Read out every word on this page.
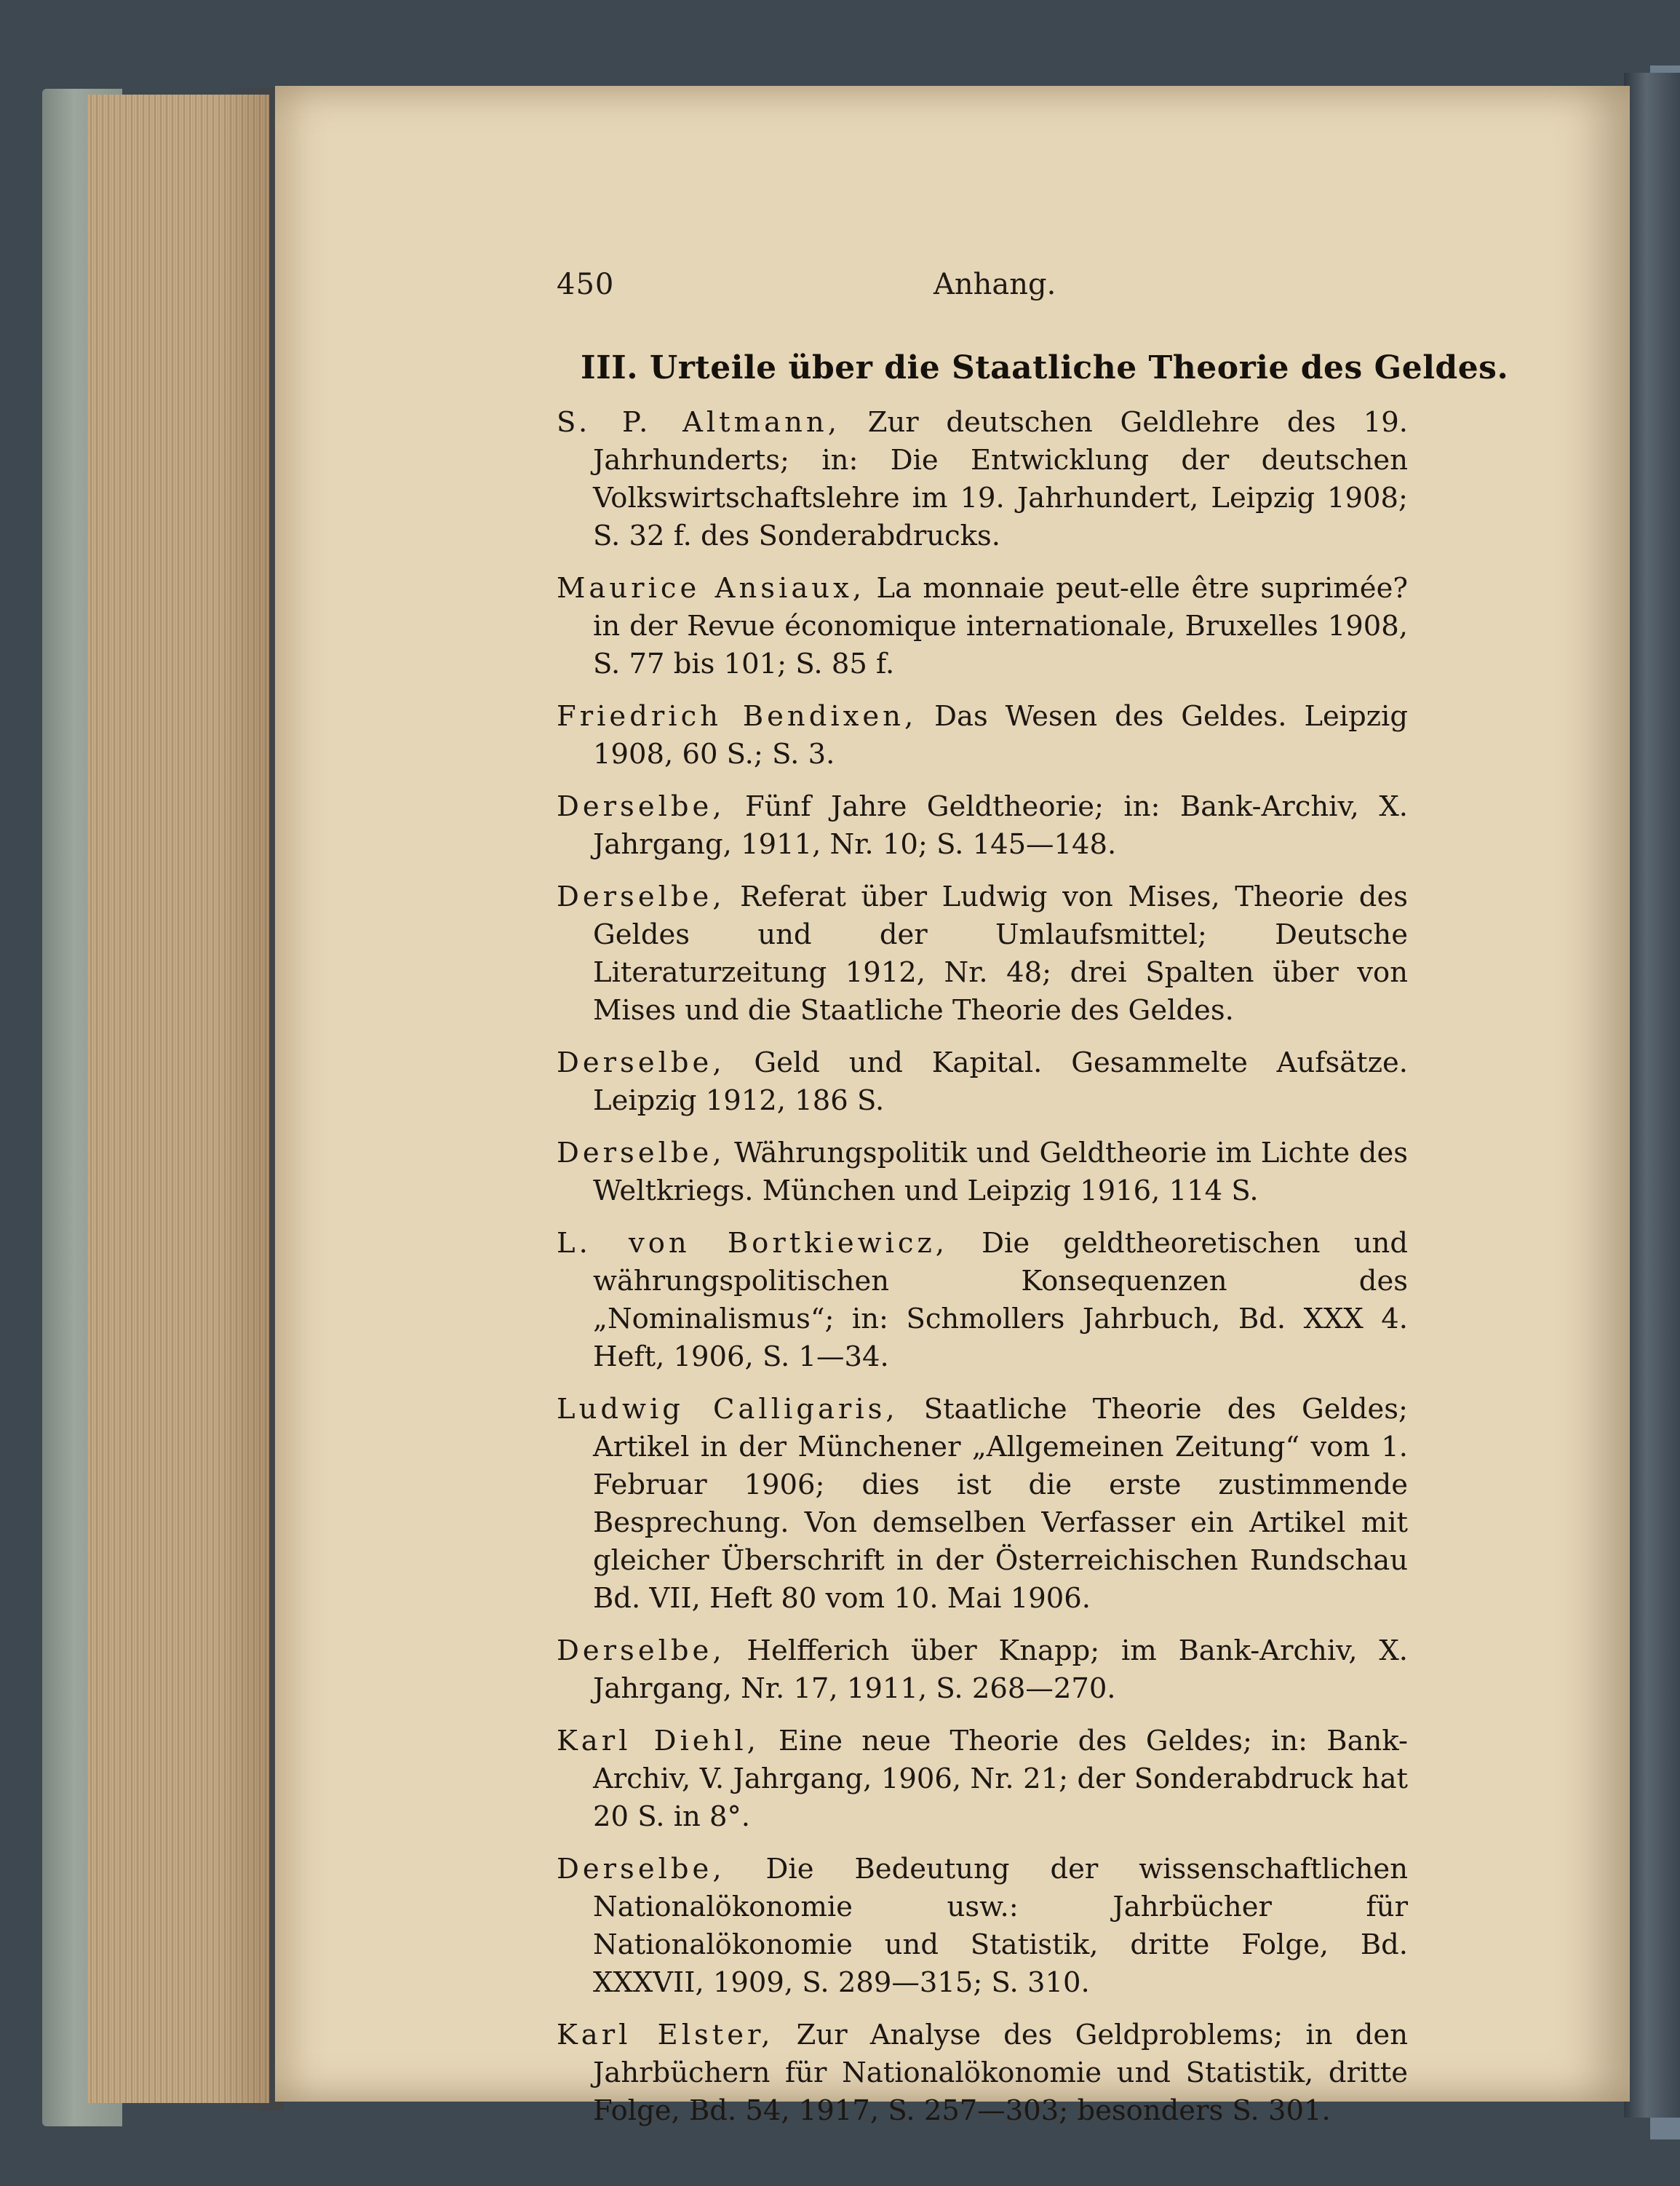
450	Anhang.
III. Urteile über die Staatliche Theorie des Geldes.

S. P. Altmann, Zur deutschen Geldlehre des 19. Jahrhunderts; in: Die Entwicklung der deutschen Volkswirtschaftslehre im 19. Jahrhundert, Leipzig 1908; S. 32 f. des Sonderabdrucks.

Maurice Ansiaux, La monnaie peut-elle être suprimée? in der Revue économique internationale, Bruxelles 1908, S. 77 bis 101; S. 85 f.

Friedrich Bendixen, Das Wesen des Geldes. Leipzig 1908, 60 S.; S. 3.

Derselbe, Fünf Jahre Geldtheorie; in: Bank-Archiv, X. Jahrgang, 1911, Nr. 10; S. 145—148.

Derselbe, Referat über Ludwig von Mises, Theorie des Geldes und der Umlaufsmittel; Deutsche Literaturzeitung 1912, Nr. 48; drei Spalten über von Mises und die Staatliche Theorie des Geldes.

Derselbe, Geld und Kapital. Gesammelte Aufsätze. Leipzig 1912, 186 S.

Derselbe, Währungspolitik und Geldtheorie im Lichte des Weltkriegs. München und Leipzig 1916, 114 S.

L. von Bortkiewicz, Die geldtheoretischen und währungspolitischen Konsequenzen des „Nominalismus“; in: Schmollers Jahrbuch, Bd. XXX 4. Heft, 1906, S. 1—34.

Ludwig Calligaris, Staatliche Theorie des Geldes; Artikel in der Münchener „Allgemeinen Zeitung“ vom 1. Februar 1906; dies ist die erste zustimmende Besprechung. Von demselben Verfasser ein Artikel mit gleicher Überschrift in der Österreichischen Rundschau Bd. VII, Heft 80 vom 10. Mai 1906.

Derselbe, Helfferich über Knapp; im Bank-Archiv, X. Jahrgang, Nr. 17, 1911, S. 268—270.

Karl Diehl, Eine neue Theorie des Geldes; in: Bank-Archiv, V. Jahrgang, 1906, Nr. 21; der Sonderabdruck hat 20 S. in 8°.

Derselbe, Die Bedeutung der wissenschaftlichen Nationalökonomie usw.: Jahrbücher für Nationalökonomie und Statistik, dritte Folge, Bd. XXXVII, 1909, S. 289—315; S. 310.

Karl Elster, Zur Analyse des Geldproblems; in den Jahrbüchern für Nationalökonomie und Statistik, dritte Folge, Bd. 54, 1917, S. 257—303; besonders S. 301.
